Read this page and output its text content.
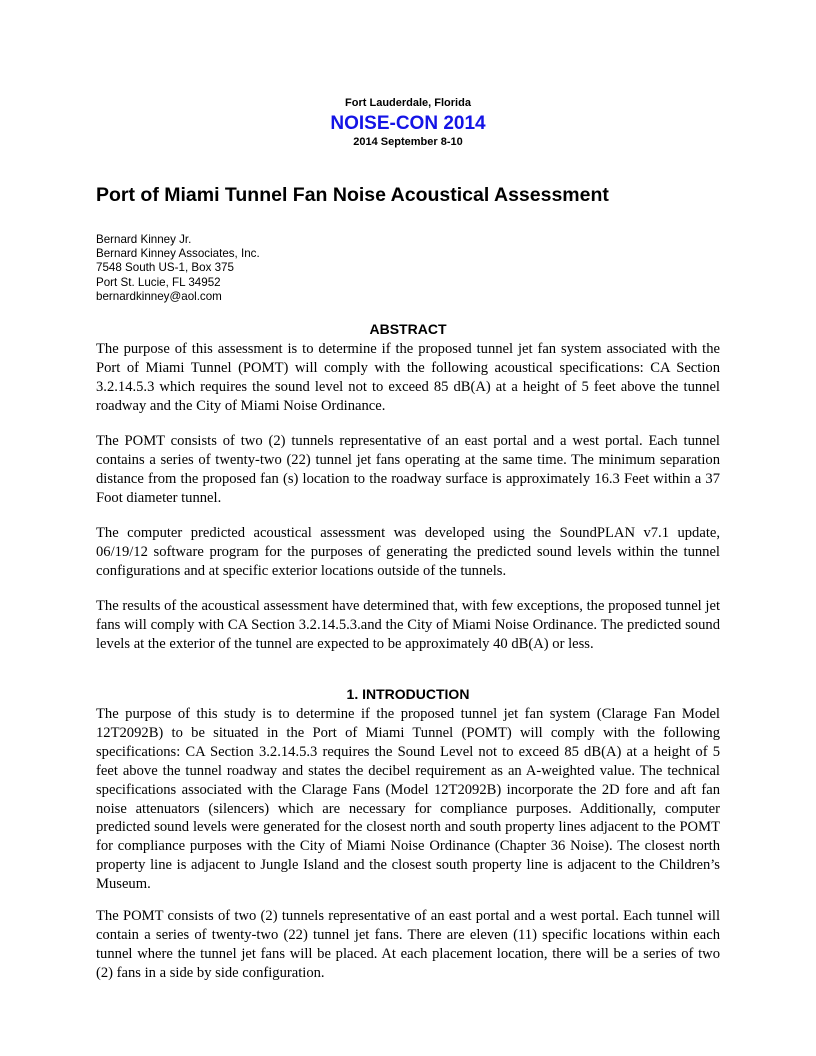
Fort Lauderdale, Florida
NOISE-CON 2014
2014 September 8-10
Port of Miami Tunnel Fan Noise Acoustical Assessment
Bernard Kinney Jr.
Bernard Kinney Associates, Inc.
7548 South US-1, Box 375
Port St. Lucie, FL 34952
bernardkinney@aol.com
ABSTRACT

The purpose of this assessment is to determine if the proposed tunnel jet fan system associated with the Port of Miami Tunnel (POMT) will comply with the following acoustical specifications: CA Section 3.2.14.5.3 which requires the sound level not to exceed 85 dB(A) at a height of 5 feet above the tunnel roadway and the City of Miami Noise Ordinance.

The POMT consists of two (2) tunnels representative of an east portal and a west portal. Each tunnel contains a series of twenty-two (22) tunnel jet fans operating at the same time. The minimum separation distance from the proposed fan (s) location to the roadway surface is approximately 16.3 Feet within a 37 Foot diameter tunnel.

The computer predicted acoustical assessment was developed using the SoundPLAN v7.1 update, 06/19/12 software program for the purposes of generating the predicted sound levels within the tunnel configurations and at specific exterior locations outside of the tunnels.

The results of the acoustical assessment have determined that, with few exceptions, the proposed tunnel jet fans will comply with CA Section 3.2.14.5.3.and the City of Miami Noise Ordinance. The predicted sound levels at the exterior of the tunnel are expected to be approximately 40 dB(A) or less.

1. INTRODUCTION

The purpose of this study is to determine if the proposed tunnel jet fan system (Clarage Fan Model 12T2092B) to be situated in the Port of Miami Tunnel (POMT) will comply with the following specifications: CA Section 3.2.14.5.3 requires the Sound Level not to exceed 85 dB(A) at a height of 5 feet above the tunnel roadway and states the decibel requirement as an A-weighted value. The technical specifications associated with the Clarage Fans (Model 12T2092B) incorporate the 2D fore and aft fan noise attenuators (silencers) which are necessary for compliance purposes. Additionally, computer predicted sound levels were generated for the closest north and south property lines adjacent to the POMT for compliance purposes with the City of Miami Noise Ordinance (Chapter 36 Noise). The closest north property line is adjacent to Jungle Island and the closest south property line is adjacent to the Children’s Museum.

The POMT consists of two (2) tunnels representative of an east portal and a west portal. Each tunnel will contain a series of twenty-two (22) tunnel jet fans. There are eleven (11) specific locations within each tunnel where the tunnel jet fans will be placed. At each placement location, there will be a series of two (2) fans in a side by side configuration.
